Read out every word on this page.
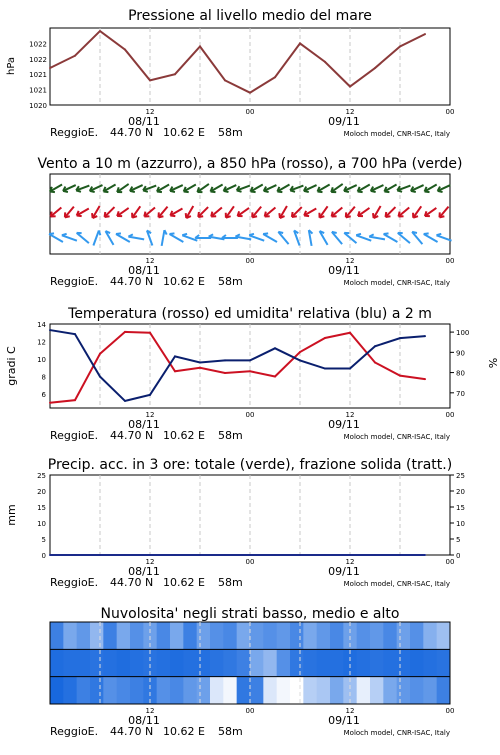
Pressione al livello medio del mare
1020
1021
1021
1022
1022
hPa
12	00	12	00
08/11	09/11
ReggioE. 44.70 N 10.62 E 58m	Moloch model, CNR-ISAC, Italy
Vento a 10 m (azzurro), a 850 hPa (rosso), a 700 hPa (verde)
12	00	12	00
08/11	09/11
ReggioE. 44.70 N 10.62 E 58m	Moloch model, CNR-ISAC, Italy
Temperatura (rosso) ed umidita' relativa (blu) a 2 m
14
12
10
8
6
100
90
80
70
gradi C	%
12	00	12	00
08/11	09/11
ReggioE. 44.70 N 10.62 E 58m	Moloch model, CNR-ISAC, Italy
Precip. acc. in 3 ore: totale (verde), frazione solida (tratt.)
0
5
10
15
20
25
0
5
10
15
20
25
mm
12	00	12	00
08/11	09/11
ReggioE. 44.70 N 10.62 E 58m	Moloch model, CNR-ISAC, Italy
Nuvolosita' negli strati basso, medio e alto
12	00	12	00
08/11	09/11
ReggioE. 44.70 N 10.62 E 58m	Moloch model, CNR-ISAC, Italy
